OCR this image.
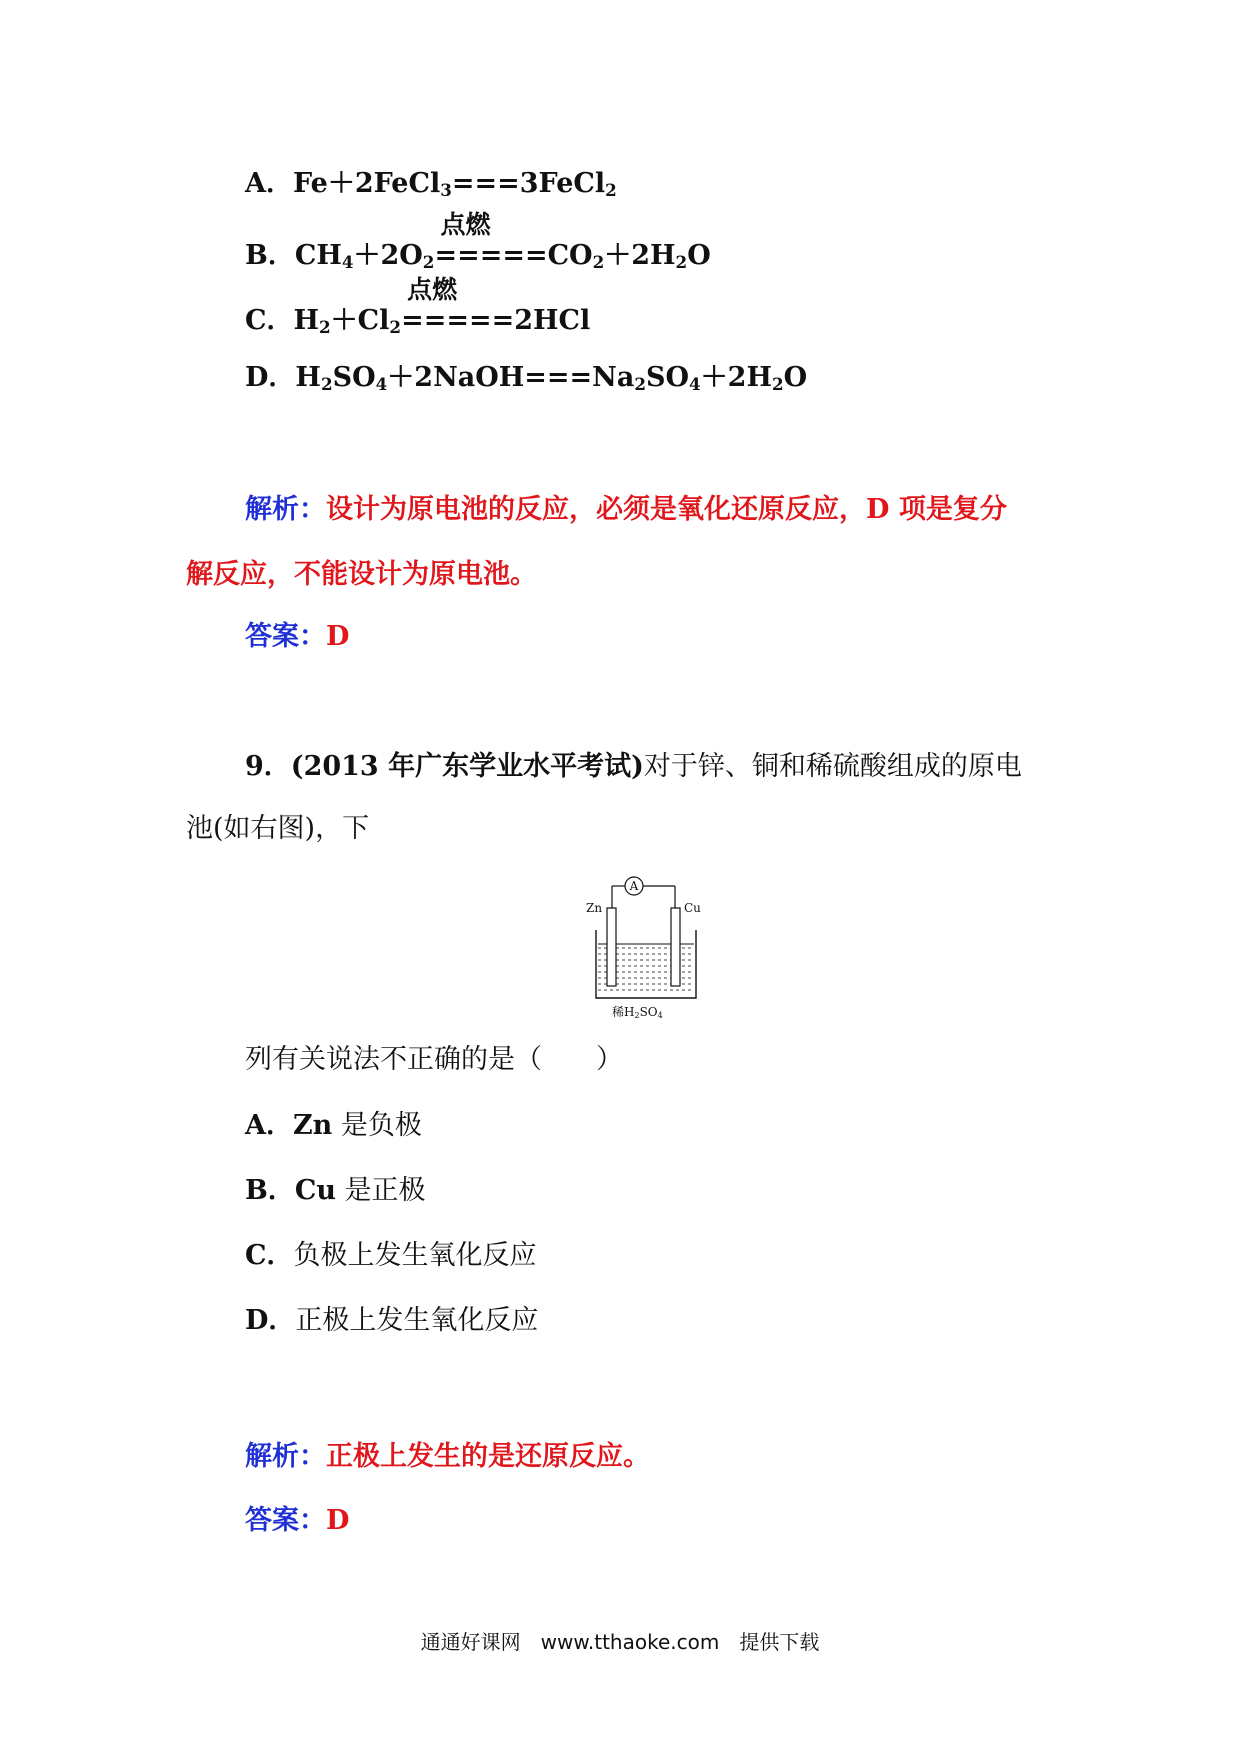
A．Fe＋2FeCl$_3$===3FeCl$_2$
B．$CH_4+2O_2$
点燃
$=====CO_2+2H_2O$
C．$H_2+Cl_2$
点燃
=====2HCl
D．$H_2SO_4+2NaOH===Na_2SO_4+2H_2O$
解析：设计为原电池的反应，必须是氧化还原反应，D 项是复分
解反应，不能设计为原电池。
答案：D
9．(2013 年广东学业水平考试)对于锌、铜和稀硫酸组成的原电
池(如右图)，下
A
Zn	Cu
稀H2SO4
列有关说法不正确的是（　　）
A．Zn 是负极
B．Cu 是正极
C．负极上发生氧化反应
D．正极上发生氧化反应
解析：正极上发生的是还原反应。
答案：D
通通好课网　www.tthaoke.com　提供下载
